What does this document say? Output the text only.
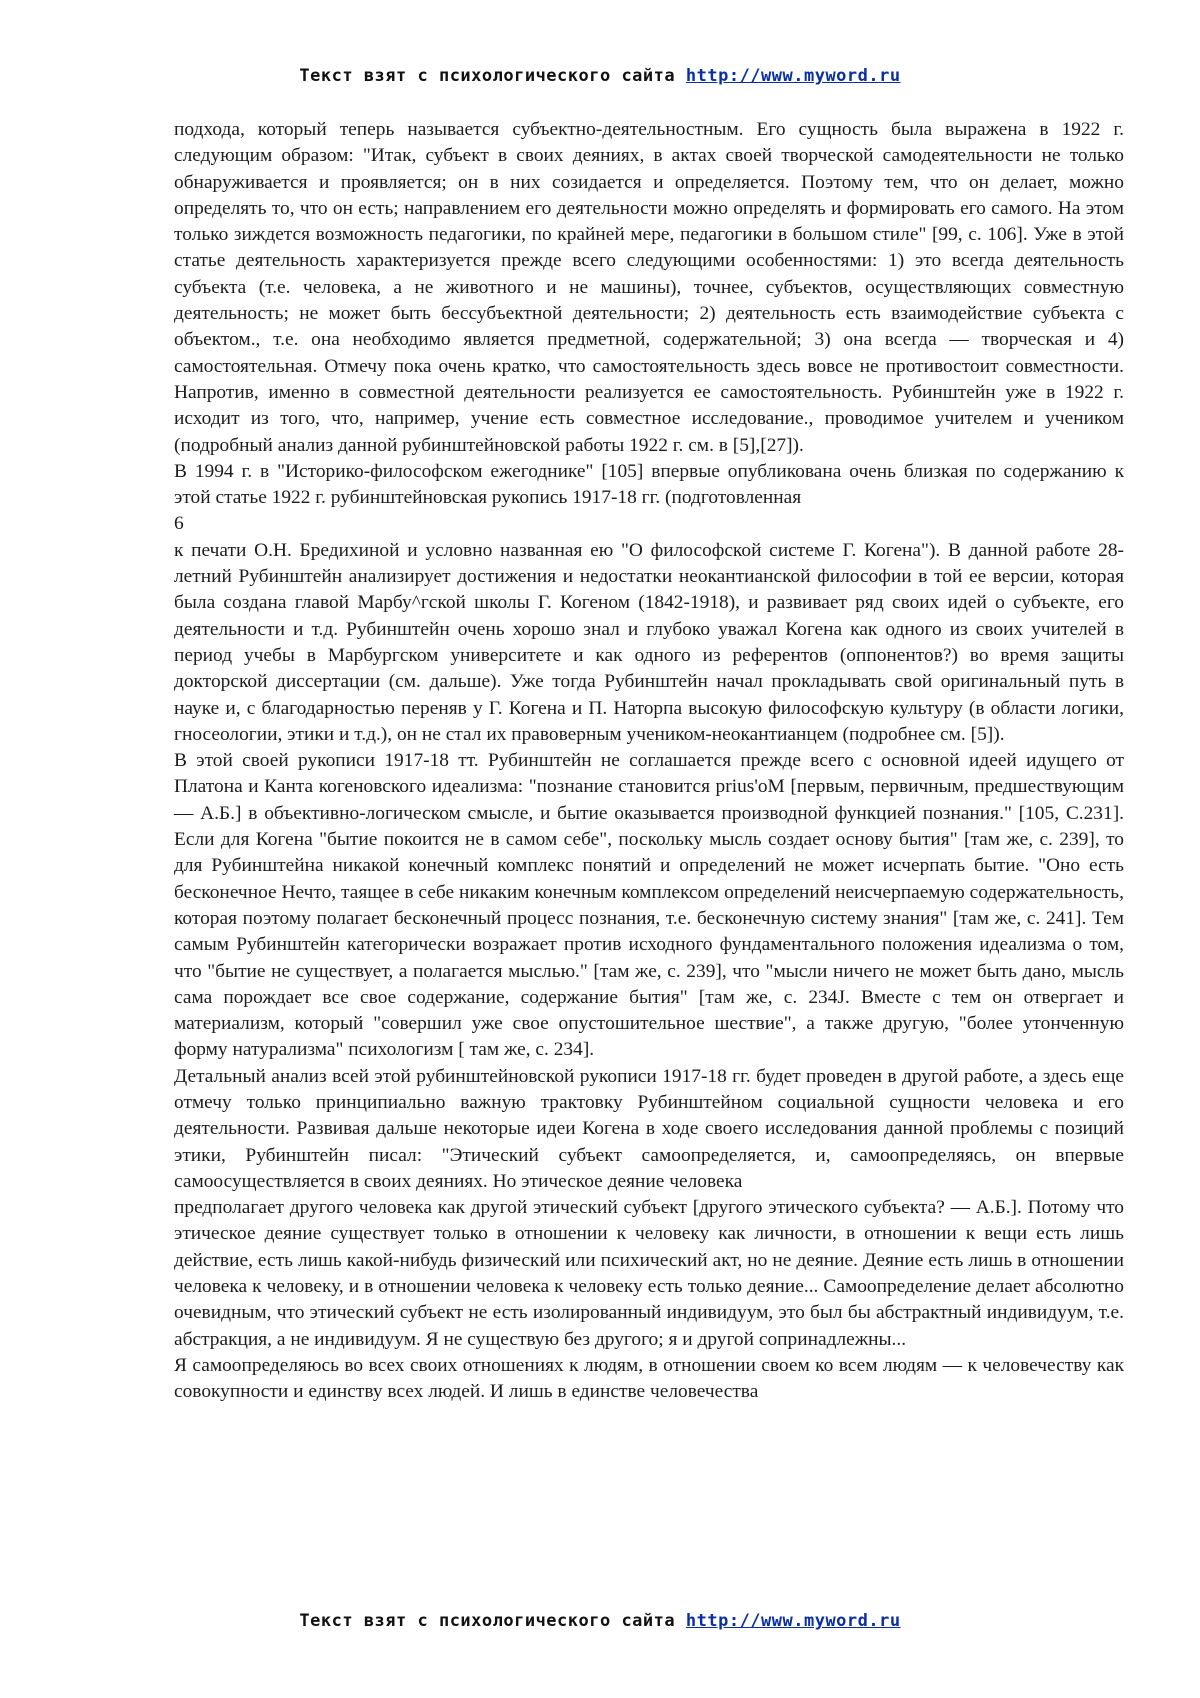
Текст взят с психологического сайта http://www.myword.ru

подхода, который теперь называется субъектно-деятельностным. Его сущность была выражена в 1922 г. следующим образом: "Итак, субъект в своих деяниях, в актах своей творческой самодеятельности не только обнаруживается и проявляется; он в них созидается и определяется. Поэтому тем, что он делает, можно определять то, что он есть; направлением его деятельности можно определять и формировать его самого. На этом только зиждется возможность педагогики, по крайней мере, педагогики в большом стиле" [99, с. 106]. Уже в этой статье деятельность характеризуется прежде всего следующими особенностями: 1) это всегда деятельность субъекта (т.е. человека, а не животного и не машины), точнее, субъектов, осуществляющих совместную деятельность; не может быть бессубъектной деятельности; 2) деятельность есть взаимодействие субъекта с объектом., т.е. она необходимо является предметной, содержательной; 3) она всегда — творческая и 4) самостоятельная. Отмечу пока очень кратко, что самостоятельность здесь вовсе не противостоит совместности. Напротив, именно в совместной деятельности реализуется ее самостоятельность. Рубинштейн уже в 1922 г. исходит из того, что, например, учение есть совместное исследование., проводимое учителем и учеником (подробный анализ данной рубинштейновской работы 1922 г. см. в [5],[27]).

В 1994 г. в "Историко-философском ежегоднике" [105] впервые опубликована очень близкая по содержанию к этой статье 1922 г. рубинштейновская рукопись 1917-18 гг. (подготовленная

6

к печати О.Н. Бредихиной и условно названная ею "О философской системе Г. Когена"). В данной работе 28-летний Рубинштейн анализирует достижения и недостатки неокантианской философии в той ее версии, которая была создана главой Марбу^гской школы Г. Когеном (1842-1918), и развивает ряд своих идей о субъекте, его деятельности и т.д. Рубинштейн очень хорошо знал и глубоко уважал Когена как одного из своих учителей в период учебы в Марбургском университете и как одного из референтов (оппонентов?) во время защиты докторской диссертации (см. дальше). Уже тогда Рубинштейн начал прокладывать свой оригинальный путь в науке и, с благодарностью переняв у Г. Когена и П. Наторпа высокую философскую культуру (в области логики, гносеологии, этики и т.д.), он не стал их правоверным учеником-неокантианцем (подробнее см. [5]).

В этой своей рукописи 1917-18 тт. Рубинштейн не соглашается прежде всего с основной идеей идущего от Платона и Канта когеновского идеализма: "познание становится prius'oM [первым, первичным, предшествующим — А.Б.] в объективно-логическом смысле, и бытие оказывается производной функцией познания." [105, С.231]. Если для Когена "бытие покоится не в самом себе", поскольку мысль создает основу бытия" [там же, с. 239], то для Рубинштейна никакой конечный комплекс понятий и определений не может исчерпать бытие. "Оно есть бесконечное Нечто, таящее в себе никаким конечным комплексом определений неисчерпаемую содержательность, которая поэтому полагает бесконечный процесс познания, т.е. бесконечную систему знания" [там же, с. 241]. Тем самым Рубинштейн категорически возражает против исходного фундаментального положения идеализма о том, что "бытие не существует, а полагается мыслью." [там же, с. 239], что "мысли ничего не может быть дано, мысль сама порождает все свое содержание, содержание бытия" [там же, с. 234J. Вместе с тем он отвергает и материализм, который "совершил уже свое опустошительное шествие", а также другую, "более утонченную форму натурализма" психологизм [ там же, с. 234].

Детальный анализ всей этой рубинштейновской рукописи 1917-18 гг. будет проведен в другой работе, а здесь еще отмечу только принципиально важную трактовку Рубинштейном социальной сущности человека и его деятельности. Развивая дальше некоторые идеи Когена в ходе своего исследования данной проблемы с позиций этики, Рубинштейн писал: "Этический субъект самоопределяется, и, самоопределяясь, он впервые самоосуществляется в своих деяниях. Но этическое деяние человека

предполагает другого человека как другой этический субъект [другого этического субъекта? — А.Б.]. Потому что этическое деяние существует только в отношении к человеку как личности, в отношении к вещи есть лишь действие, есть лишь какой-нибудь физический или психический акт, но не деяние. Деяние есть лишь в отношении человека к человеку, и в отношении человека к человеку есть только деяние... Самоопределение делает абсолютно очевидным, что этический субъект не есть изолированный индивидуум, это был бы абстрактный индивидуум, т.е. абстракция, а не индивидуум. Я не существую без другого; я и другой сопринадлежны...

Я самоопределяюсь во всех своих отношениях к людям, в отношении своем ко всем людям — к человечеству как совокупности и единству всех людей. И лишь в единстве человечества

Текст взят с психологического сайта http://www.myword.ru
